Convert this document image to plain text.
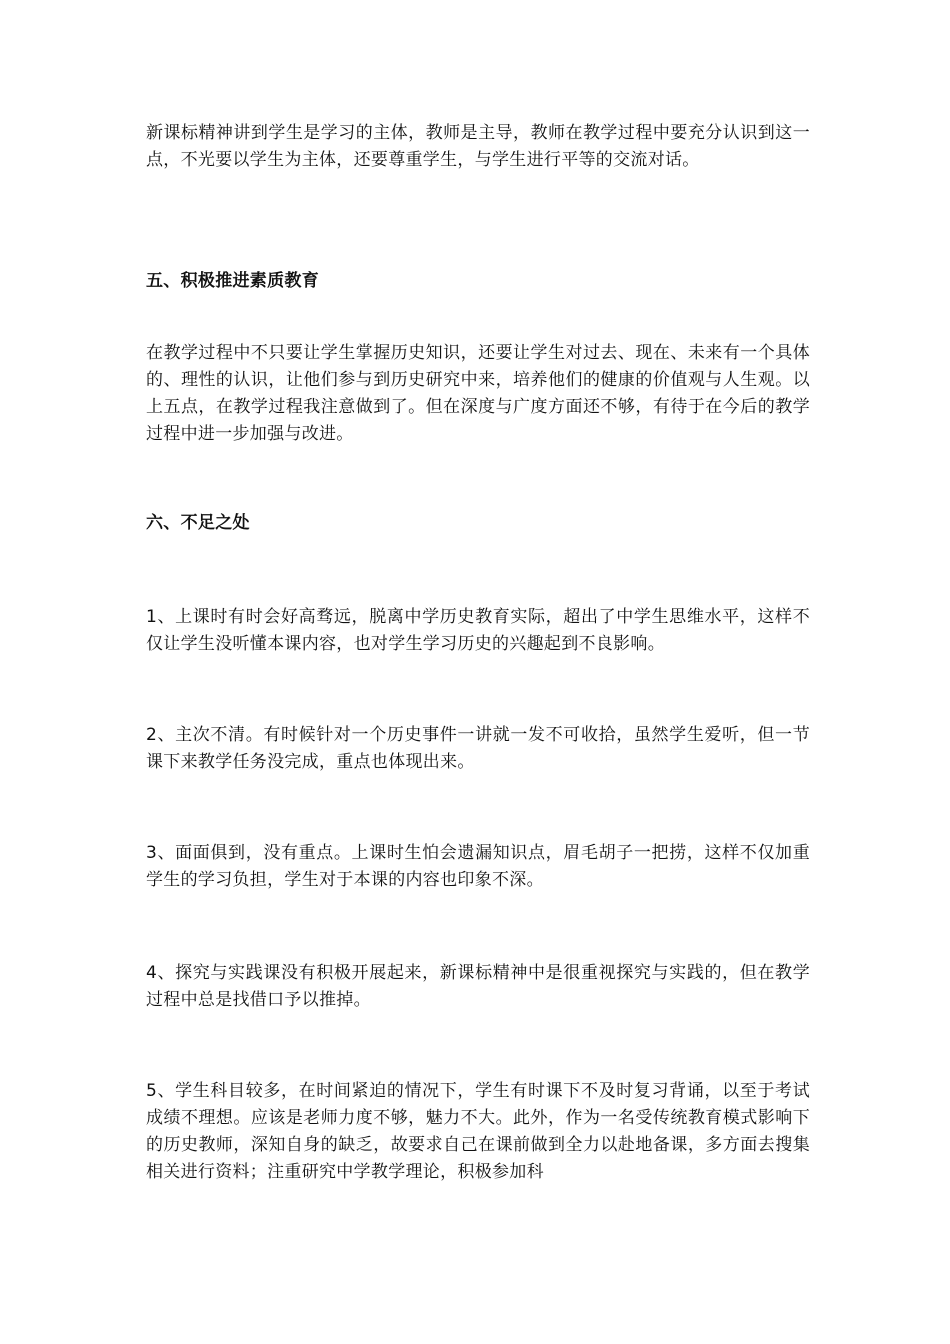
新课标精神讲到学生是学习的主体，教师是主导，教师在教学过程中要充分认识到这一点，不光要以学生为主体，还要尊重学生，与学生进行平等的交流对话。

五、积极推进素质教育

在教学过程中不只要让学生掌握历史知识，还要让学生对过去、现在、未来有一个具体的、理性的认识，让他们参与到历史研究中来，培养他们的健康的价值观与人生观。以上五点，在教学过程我注意做到了。但在深度与广度方面还不够，有待于在今后的教学过程中进一步加强与改进。

六、不足之处

1、上课时有时会好高骛远，脱离中学历史教育实际，超出了中学生思维水平，这样不仅让学生没听懂本课内容，也对学生学习历史的兴趣起到不良影响。

2、主次不清。有时候针对一个历史事件一讲就一发不可收拾，虽然学生爱听，但一节课下来教学任务没完成，重点也体现出来。

3、面面俱到，没有重点。上课时生怕会遗漏知识点，眉毛胡子一把捞，这样不仅加重学生的学习负担，学生对于本课的内容也印象不深。

4、探究与实践课没有积极开展起来，新课标精神中是很重视探究与实践的，但在教学过程中总是找借口予以推掉。

5、学生科目较多，在时间紧迫的情况下，学生有时课下不及时复习背诵，以至于考试成绩不理想。应该是老师力度不够，魅力不大。此外，作为一名受传统教育模式影响下的历史教师，深知自身的缺乏，故要求自己在课前做到全力以赴地备课，多方面去搜集相关进行资料；注重研究中学教学理论，积极参加科
